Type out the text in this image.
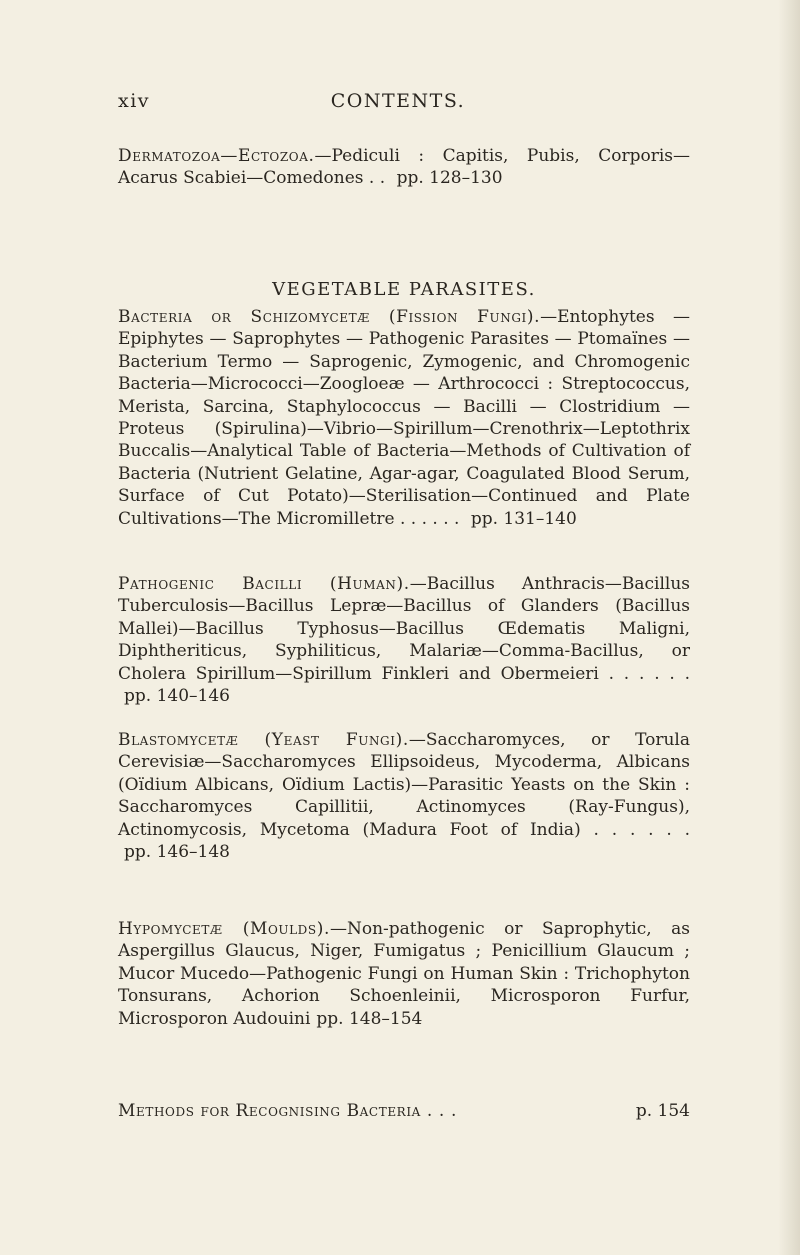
xiv	CONTENTS.
Dermatozoa—Ectozoa.—Pediculi : Capitis, Pubis, Corporis—Acarus Scabiei—Comedones . . pp. 128–130
VEGETABLE PARASITES.
Bacteria or Schizomycetæ (Fission Fungi).—Entophytes — Epiphytes — Saprophytes — Pathogenic Parasites — Ptomaïnes — Bacterium Termo — Saprogenic, Zymogenic, and Chromogenic Bacteria—Micrococci—Zoogloeæ — Arthrococci : Streptococcus, Merista, Sarcina, Staphylococcus — Bacilli — Clostridium — Proteus (Spirulina)—Vibrio—Spirillum—Crenothrix—Leptothrix Buccalis—Analytical Table of Bacteria—Methods of Cultivation of Bacteria (Nutrient Gelatine, Agar-agar, Coagulated Blood Serum, Surface of Cut Potato)—Sterilisation—Continued and Plate Cultivations—The Micromilletre . . . . . . pp. 131–140
Pathogenic Bacilli (Human).—Bacillus Anthracis—Bacillus Tuberculosis—Bacillus Lepræ—Bacillus of Glanders (Bacillus Mallei)—Bacillus Typhosus—Bacillus Œdematis Maligni, Diphtheriticus, Syphiliticus, Malariæ—Comma-Bacillus, or Cholera Spirillum—Spirillum Finkleri and Obermeieri . . . . . . pp. 140–146
Blastomycetæ (Yeast Fungi).—Saccharomyces, or Torula Cerevisiæ—Saccharomyces Ellipsoideus, Mycoderma, Albicans (Oïdium Albicans, Oïdium Lactis)—Parasitic Yeasts on the Skin : Saccharomyces Capillitii, Actinomyces (Ray-Fungus), Actinomycosis, Mycetoma (Madura Foot of India) . . . . . . pp. 146–148
Hypomycetæ (Moulds).—Non-pathogenic or Saprophytic, as Aspergillus Glaucus, Niger, Fumigatus ; Penicillium Glaucum ; Mucor Mucedo—Pathogenic Fungi on Human Skin : Trichophyton Tonsurans, Achorion Schoenleinii, Microsporon Furfur, Microsporon Audouini pp. 148–154
Methods for Recognising Bacteria . . .	p. 154
